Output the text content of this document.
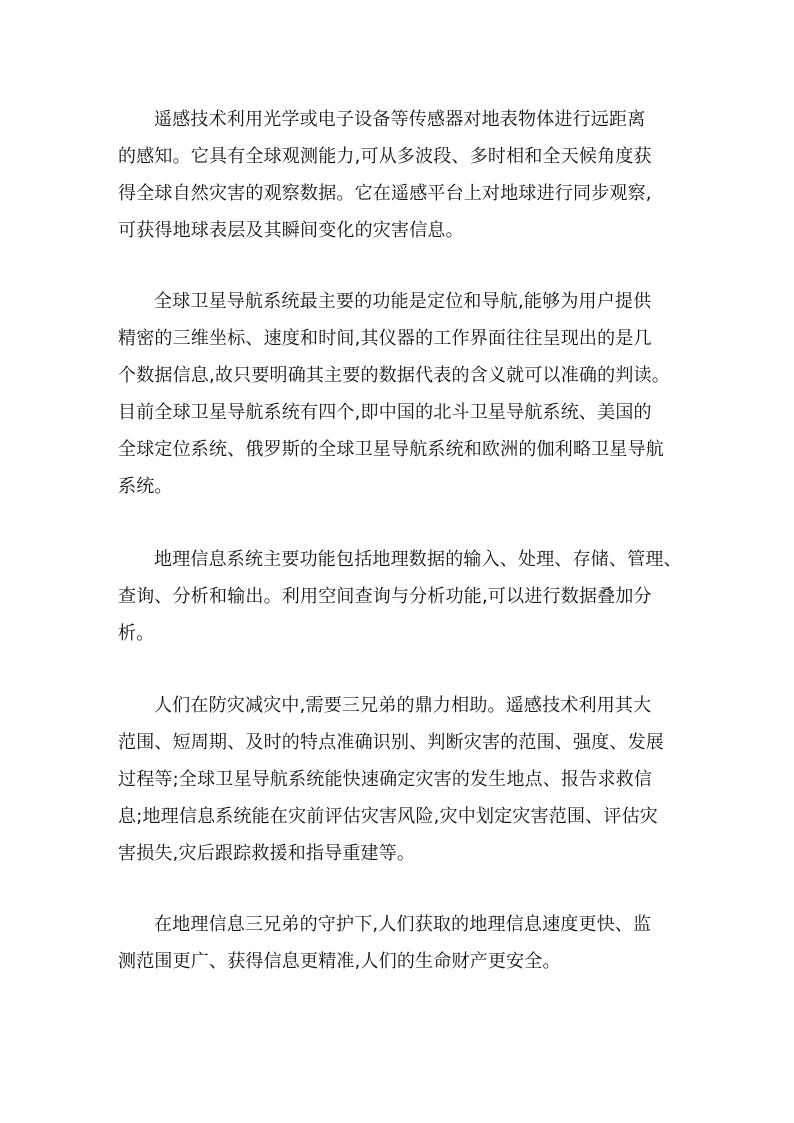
遥感技术利用光学或电子设备等传感器对地表物体进行远距离
的感知。它具有全球观测能力,可从多波段、多时相和全天候角度获
得全球自然灾害的观察数据。它在遥感平台上对地球进行同步观察,
可获得地球表层及其瞬间变化的灾害信息。
全球卫星导航系统最主要的功能是定位和导航,能够为用户提供
精密的三维坐标、速度和时间,其仪器的工作界面往往呈现出的是几
个数据信息,故只要明确其主要的数据代表的含义就可以准确的判读。
目前全球卫星导航系统有四个,即中国的北斗卫星导航系统、美国的
全球定位系统、俄罗斯的全球卫星导航系统和欧洲的伽利略卫星导航
系统。
地理信息系统主要功能包括地理数据的输入、处理、存储、管理、
查询、分析和输出。利用空间查询与分析功能,可以进行数据叠加分
析。
人们在防灾减灾中,需要三兄弟的鼎力相助。遥感技术利用其大
范围、短周期、及时的特点准确识别、判断灾害的范围、强度、发展
过程等;全球卫星导航系统能快速确定灾害的发生地点、报告求救信
息;地理信息系统能在灾前评估灾害风险,灾中划定灾害范围、评估灾
害损失,灾后跟踪救援和指导重建等。
在地理信息三兄弟的守护下,人们获取的地理信息速度更快、监
测范围更广、获得信息更精准,人们的生命财产更安全。
